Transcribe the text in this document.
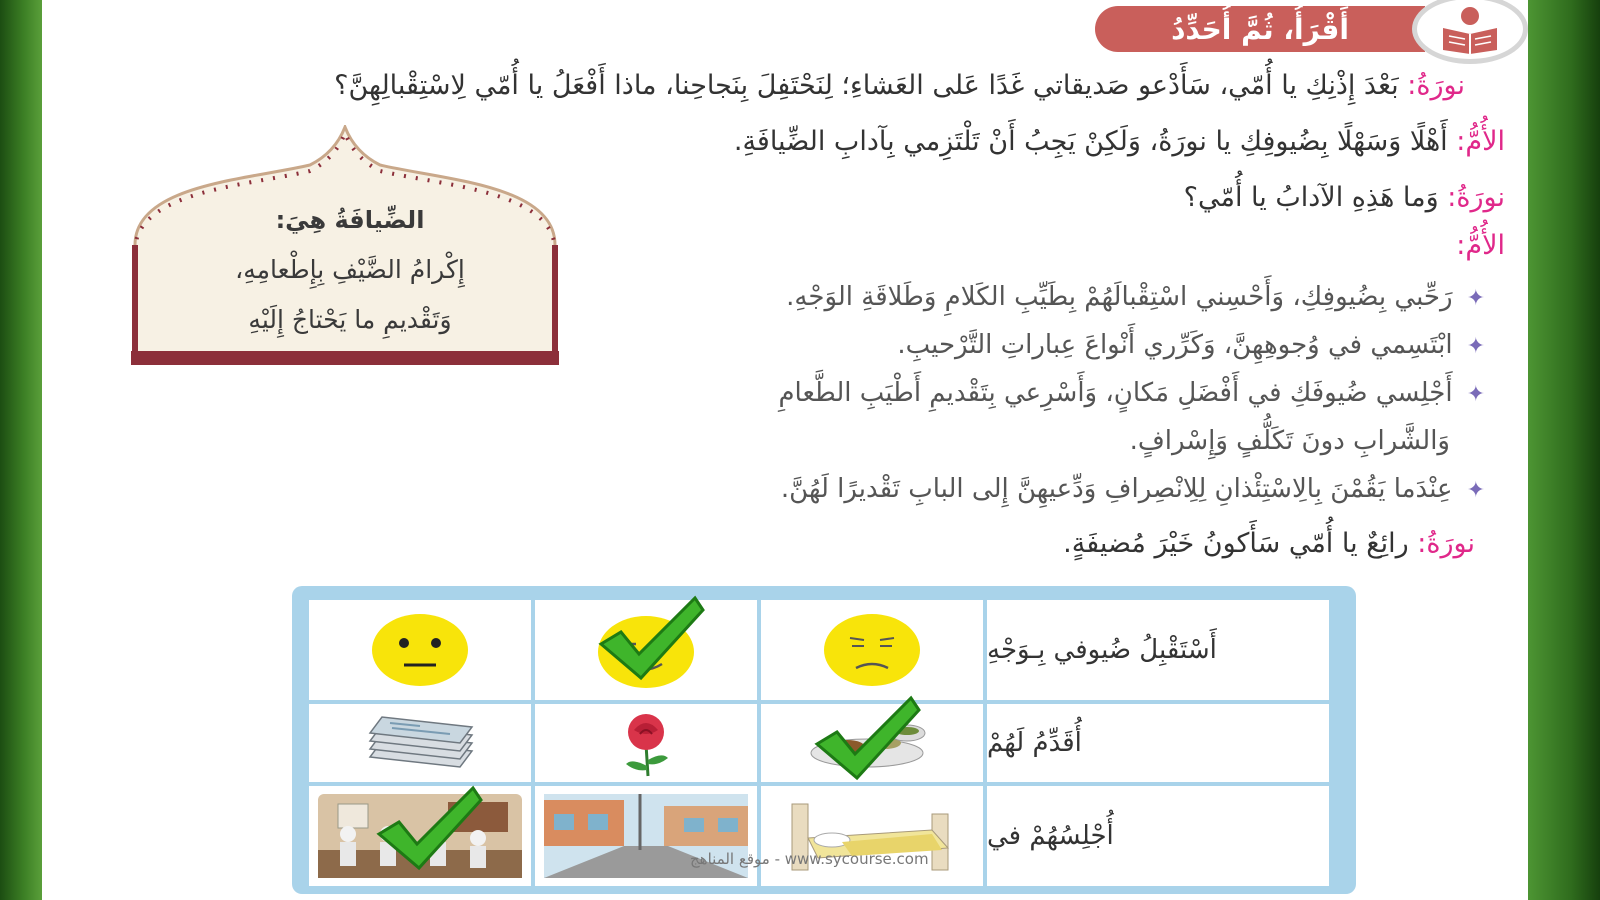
أَقْرَأُ، ثُمَّ أُحَدِّدُ
نورَةُ: بَعْدَ إِذْنِكِ يا أُمّي، سَأَدْعو صَديقاتي غَدًا عَلى العَشاءِ؛ لِنَحْتَفِلَ بِنَجاحِنا، ماذا أَفْعَلُ يا أُمّي لِاسْتِقْبالِهِنَّ؟
الأُمُّ: أَهْلًا وَسَهْلًا بِضُيوفِكِ يا نورَةُ، وَلَكِنْ يَجِبُ أَنْ تَلْتَزِمي بِآدابِ الضِّيافَةِ.
نورَةُ: وَما هَذِهِ الآدابُ يا أُمّي؟
الأُمُّ:
✦رَحِّبي بِضُيوفِكِ، وَأَحْسِني اسْتِقْبالَهُمْ بِطَيِّبِ الكَلامِ وَطَلاقَةِ الوَجْهِ.
✦ابْتَسِمي في وُجوهِهِنَّ، وَكَرِّري أَنْواعَ عِباراتِ التَّرْحيبِ.
✦أَجْلِسي ضُيوفَكِ في أَفْضَلِ مَكانٍ، وَأَسْرِعي بِتَقْديمِ أَطْيَبِ الطَّعامِ
وَالشَّرابِ دونَ تَكَلُّفٍ وَإِسْرافٍ.
✦عِنْدَما يَقُمْنَ بِالِاسْتِئْذانِ لِلِانْصِرافِ وَدِّعيهِنَّ إِلى البابِ تَقْديرًا لَهُنَّ.
نورَةُ: رائِعٌ يا أُمّي سَأَكونُ خَيْرَ مُضيفَةٍ.
الضِّيافَةُ هِيَ:
إِكْرامُ الضَّيْفِ بِإِطْعامِهِ،
وَتَقْديمِ ما يَحْتاجُ إِلَيْهِ
أَسْتَقْبِلُ ضُيوفي بِـوَجْهِ
أُقَدِّمُ لَهُمْ
أُجْلِسُهُمْ في
موقع المناهج - www.sycourse.com
